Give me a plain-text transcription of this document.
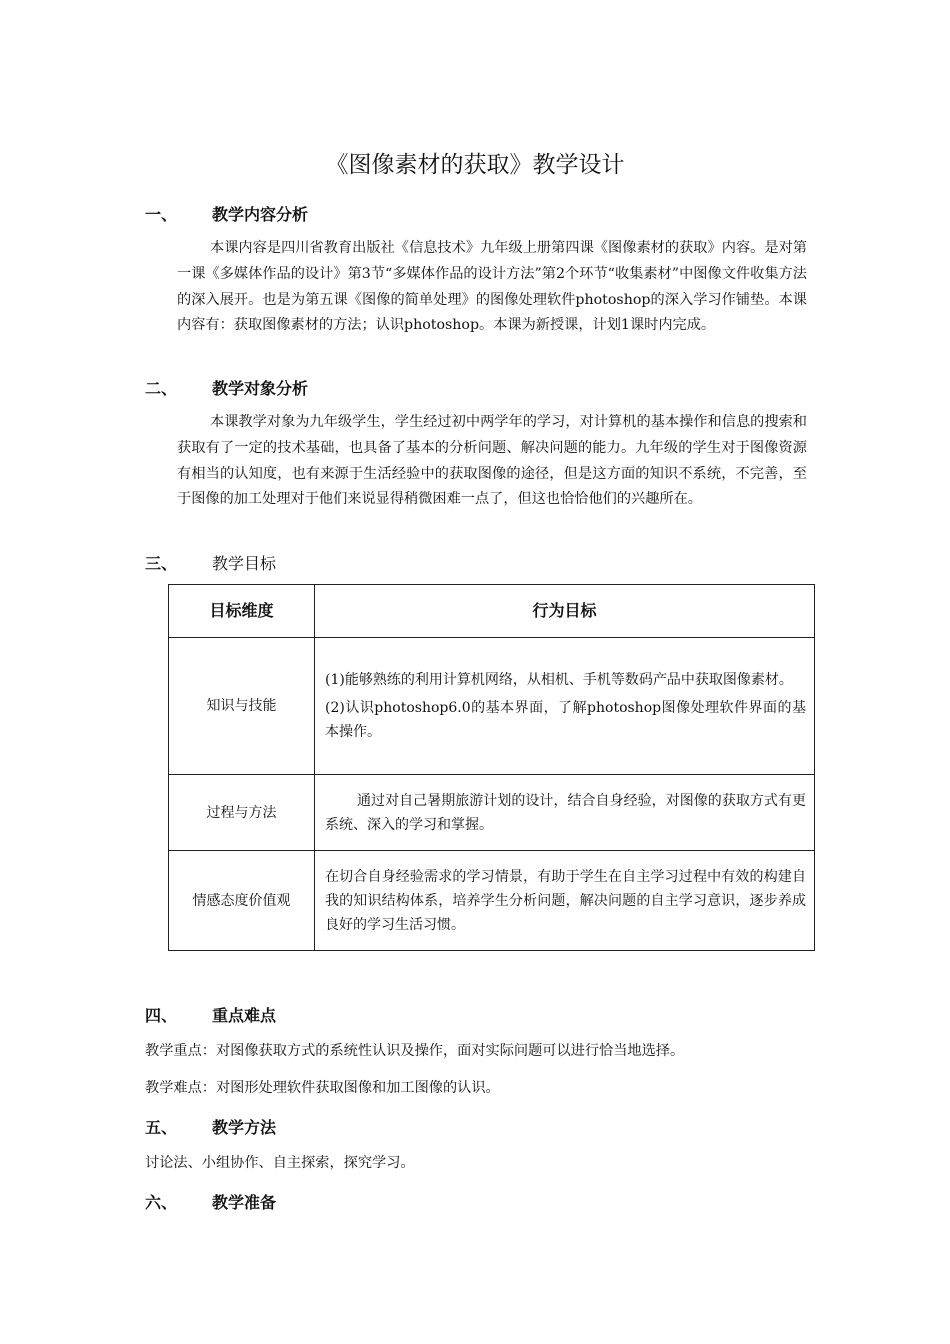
《图像素材的获取》教学设计
一、 教学内容分析
本课内容是四川省教育出版社《信息技术》九年级上册第四课《图像素材的获取》内容。是对第一课《多媒体作品的设计》第3节“多媒体作品的设计方法”第2个环节“收集素材”中图像文件收集方法的深入展开。也是为第五课《图像的简单处理》的图像处理软件photoshop的深入学习作铺垫。本课内容有：获取图像素材的方法；认识photoshop。本课为新授课，计划1课时内完成。
二、 教学对象分析
本课教学对象为九年级学生，学生经过初中两学年的学习，对计算机的基本操作和信息的搜索和获取有了一定的技术基础，也具备了基本的分析问题、解决问题的能力。九年级的学生对于图像资源有相当的认知度，也有来源于生活经验中的获取图像的途径，但是这方面的知识不系统，不完善，至于图像的加工处理对于他们来说显得稍微困难一点了，但这也恰恰他们的兴趣所在。
三、 教学目标
目标维度	行为目标
知识与技能	(1)能够熟练的利用计算机网络，从相机、手机等数码产品中获取图像素材。

(2)认识photoshop6.0的基本界面，了解photoshop图像处理软件界面的基本操作。

过程与方法	通过对自己暑期旅游计划的设计，结合自身经验，对图像的获取方式有更系统、深入的学习和掌握。

情感态度价值观	在切合自身经验需求的学习情景，有助于学生在自主学习过程中有效的构建自我的知识结构体系，培养学生分析问题，解决问题的自主学习意识，逐步养成良好的学习生活习惯。

四、 重点难点
教学重点：对图像获取方式的系统性认识及操作，面对实际问题可以进行恰当地选择。
教学难点：对图形处理软件获取图像和加工图像的认识。
五、 教学方法
讨论法、小组协作、自主探索，探究学习。
六、 教学准备
